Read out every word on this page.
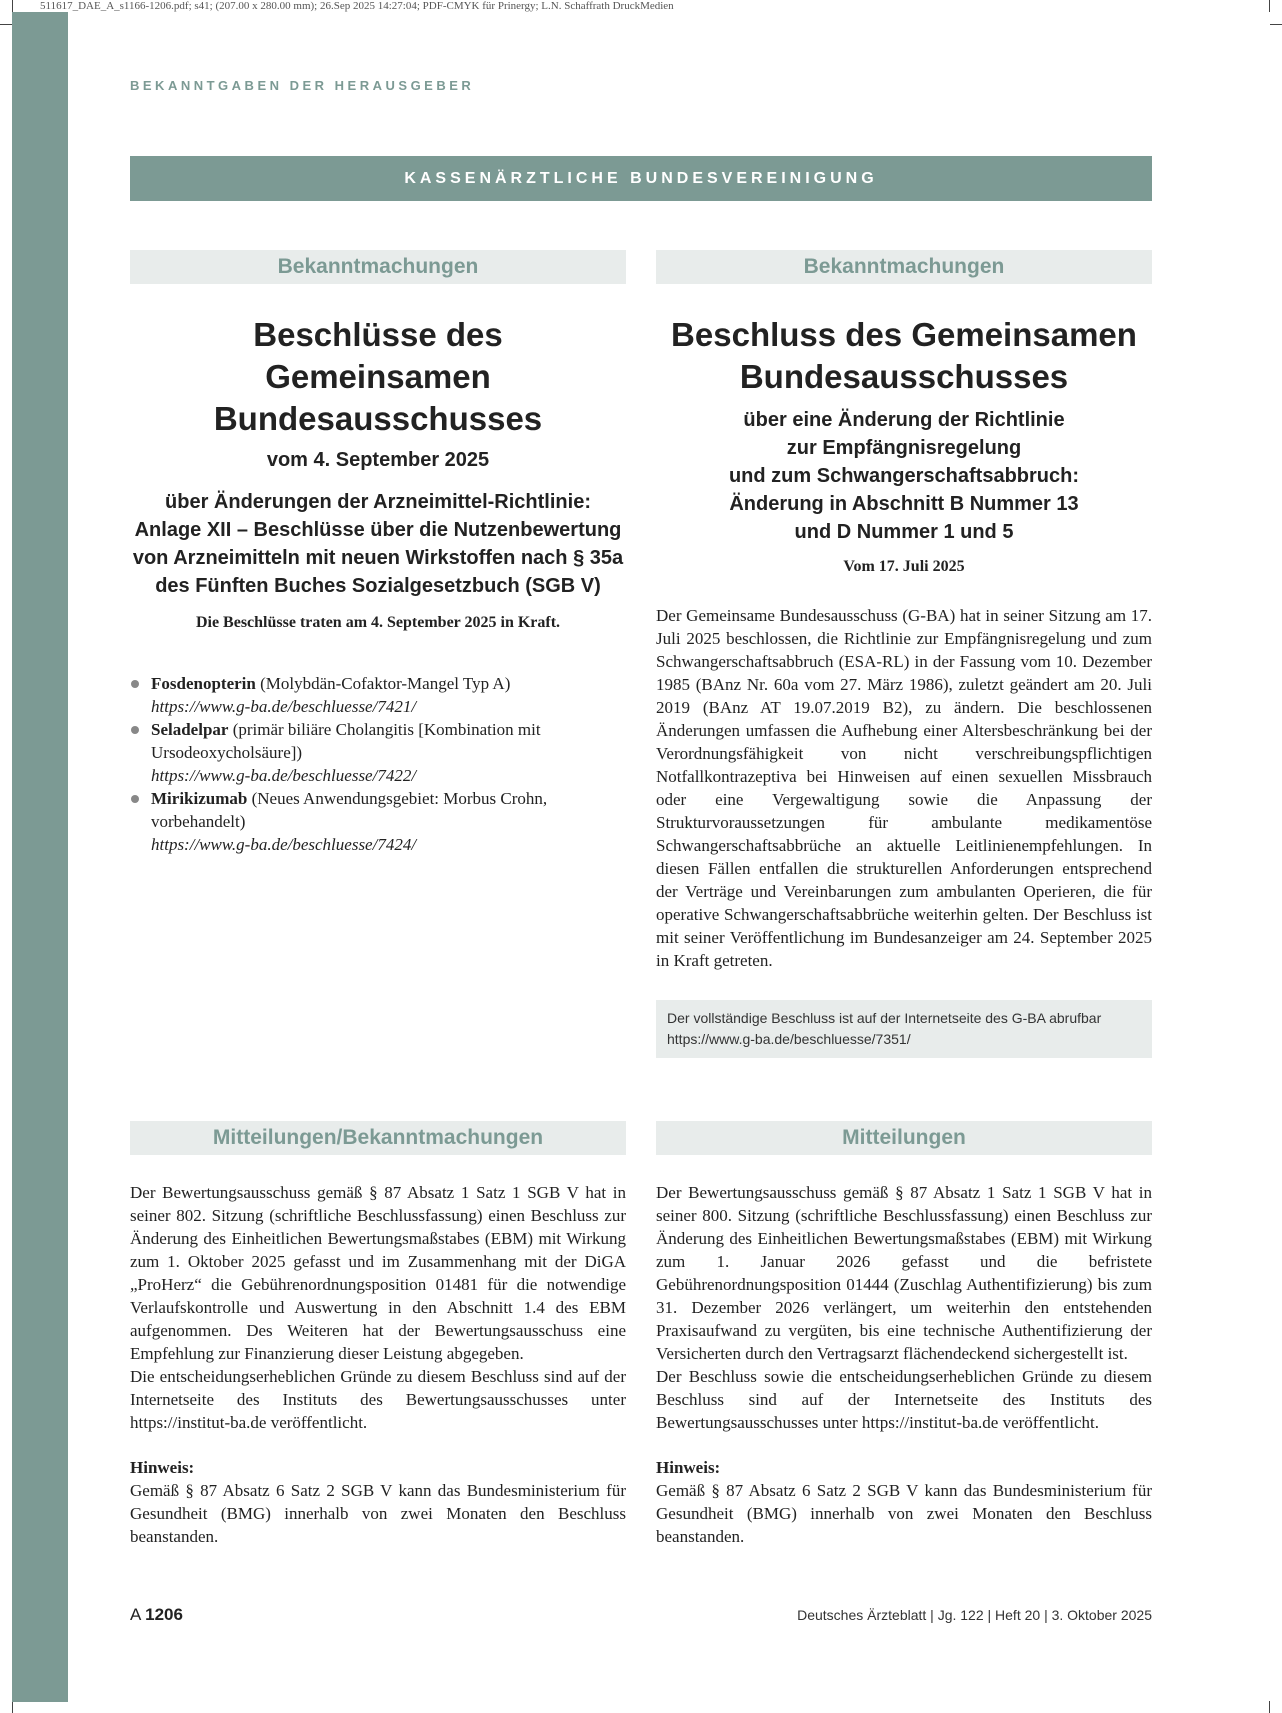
511617_DAE_A_s1166-1206.pdf; s41; (207.00 x 280.00 mm); 26.Sep 2025 14:27:04; PDF-CMYK für Prinergy; L.N. Schaffrath DruckMedien
BEKANNTGABEN DER HERAUSGEBER
KASSENÄRZTLICHE BUNDESVEREINIGUNG
Bekanntmachungen
Beschlüsse des Gemeinsamen Bundesausschusses
vom 4. September 2025
über Änderungen der Arzneimittel-Richtlinie: Anlage XII – Beschlüsse über die Nutzenbewertung von Arzneimitteln mit neuen Wirkstoffen nach § 35a des Fünften Buches Sozialgesetzbuch (SGB V)
Die Beschlüsse traten am 4. September 2025 in Kraft.
Fosdenopterin (Molybdän-Cofaktor-Mangel Typ A)
https://www.g-ba.de/beschluesse/7421/
Seladelpar (primär biliäre Cholangitis [Kombination mit Ursodeoxycholsäure])
https://www.g-ba.de/beschluesse/7422/
Mirikizumab (Neues Anwendungsgebiet: Morbus Crohn, vorbehandelt)
https://www.g-ba.de/beschluesse/7424/
Bekanntmachungen
Beschluss des Gemeinsamen Bundesausschusses
über eine Änderung der Richtlinie
zur Empfängnisregelung
und zum Schwangerschaftsabbruch:
Änderung in Abschnitt B Nummer 13
und D Nummer 1 und 5
Vom 17. Juli 2025

Der Gemeinsame Bundesausschuss (G-BA) hat in seiner Sitzung am 17. Juli 2025 beschlossen, die Richtlinie zur Empfängnisregelung und zum Schwangerschaftsabbruch (ESA-RL) in der Fassung vom 10. Dezember 1985 (BAnz Nr. 60a vom 27. März 1986), zuletzt geändert am 20. Juli 2019 (BAnz AT 19.07.2019 B2), zu ändern. Die beschlossenen Änderungen umfassen die Aufhebung einer Altersbeschränkung bei der Verordnungsfähigkeit von nicht verschreibungspflichtigen Notfallkontrazeptiva bei Hinweisen auf einen sexuellen Missbrauch oder eine Vergewaltigung sowie die Anpassung der Strukturvoraussetzungen für ambulante medikamentöse Schwangerschaftsabbrüche an aktuelle Leitlinienempfehlungen. In diesen Fällen entfallen die strukturellen Anforderungen entsprechend der Verträge und Vereinbarungen zum ambulanten Operieren, die für operative Schwangerschaftsabbrüche weiterhin gelten. Der Beschluss ist mit seiner Veröffentlichung im Bundesanzeiger am 24. September 2025 in Kraft getreten.

Der vollständige Beschluss ist auf der Internetseite des G-BA abrufbar
https://www.g-ba.de/beschluesse/7351/
Mitteilungen/Bekanntmachungen

Der Bewertungsausschuss gemäß § 87 Absatz 1 Satz 1 SGB V hat in seiner 802. Sitzung (schriftliche Beschlussfassung) einen Beschluss zur Änderung des Einheitlichen Bewertungsmaßstabes (EBM) mit Wirkung zum 1. Oktober 2025 gefasst und im Zusammenhang mit der DiGA „ProHerz“ die Gebührenordnungsposition 01481 für die notwendige Verlaufskontrolle und Auswertung in den Abschnitt 1.4 des EBM aufgenommen. Des Weiteren hat der Bewertungsausschuss eine Empfehlung zur Finanzierung dieser Leistung abgegeben.

Die entscheidungserheblichen Gründe zu diesem Beschluss sind auf der Internetseite des Instituts des Bewertungsausschusses unter https://institut-ba.de veröffentlicht.

Hinweis:

Gemäß § 87 Absatz 6 Satz 2 SGB V kann das Bundesministerium für Gesundheit (BMG) innerhalb von zwei Monaten den Beschluss beanstanden.

Mitteilungen

Der Bewertungsausschuss gemäß § 87 Absatz 1 Satz 1 SGB V hat in seiner 800. Sitzung (schriftliche Beschlussfassung) einen Beschluss zur Änderung des Einheitlichen Bewertungsmaßstabes (EBM) mit Wirkung zum 1. Januar 2026 gefasst und die befristete Gebührenordnungsposition 01444 (Zuschlag Authentifizierung) bis zum 31. Dezember 2026 verlängert, um weiterhin den entstehenden Praxisaufwand zu vergüten, bis eine technische Authentifizierung der Versicherten durch den Vertragsarzt flächendeckend sichergestellt ist.

Der Beschluss sowie die entscheidungserheblichen Gründe zu diesem Beschluss sind auf der Internetseite des Instituts des Bewertungsausschusses unter https://institut-ba.de veröffentlicht.

Hinweis:

Gemäß § 87 Absatz 6 Satz 2 SGB V kann das Bundesministerium für Gesundheit (BMG) innerhalb von zwei Monaten den Beschluss beanstanden.

A 1206	Deutsches Ärzteblatt | Jg. 122 | Heft 20 | 3. Oktober 2025
